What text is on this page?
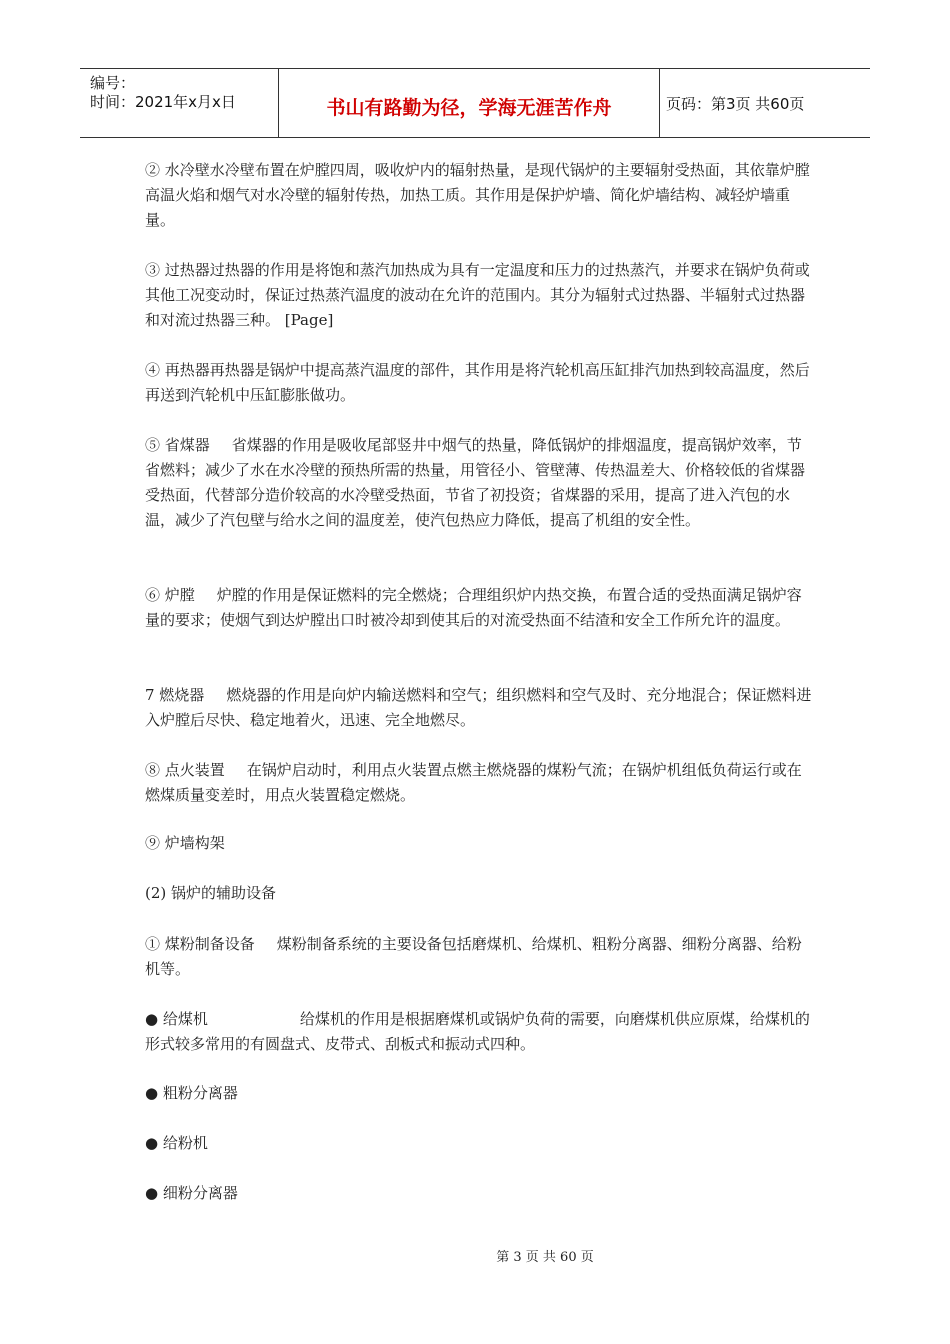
编号：
时间：2021年x月x日	书山有路勤为径，学海无涯苦作舟	页码：第3页 共60页

② 水冷壁水冷壁布置在炉膛四周，吸收炉内的辐射热量，是现代锅炉的主要辐射受热面，其依靠炉膛高温火焰和烟气对水冷壁的辐射传热，加热工质。其作用是保护炉墙、简化炉墙结构、减轻炉墙重量。

③ 过热器过热器的作用是将饱和蒸汽加热成为具有一定温度和压力的过热蒸汽，并要求在锅炉负荷或其他工况变动时，保证过热蒸汽温度的波动在允许的范围内。其分为辐射式过热器、半辐射式过热器和对流过热器三种。 [Page]

④ 再热器再热器是锅炉中提高蒸汽温度的部件，其作用是将汽轮机高压缸排汽加热到较高温度，然后再送到汽轮机中压缸膨胀做功。

⑤ 省煤器 省煤器的作用是吸收尾部竖井中烟气的热量，降低锅炉的排烟温度，提高锅炉效率，节省燃料；减少了水在水冷壁的预热所需的热量，用管径小、管壁薄、传热温差大、价格较低的省煤器受热面，代替部分造价较高的水冷壁受热面，节省了初投资；省煤器的采用，提高了进入汽包的水温，减少了汽包壁与给水之间的温度差，使汽包热应力降低，提高了机组的安全性。

⑥ 炉膛 炉膛的作用是保证燃料的完全燃烧；合理组织炉内热交换，布置合适的受热面满足锅炉容量的要求；使烟气到达炉膛出口时被冷却到使其后的对流受热面不结渣和安全工作所允许的温度。

7 燃烧器 燃烧器的作用是向炉内输送燃料和空气；组织燃料和空气及时、充分地混合；保证燃料进入炉膛后尽快、稳定地着火，迅速、完全地燃尽。

⑧ 点火装置 在锅炉启动时，利用点火装置点燃主燃烧器的煤粉气流；在锅炉机组低负荷运行或在燃煤质量变差时，用点火装置稳定燃烧。

⑨ 炉墙构架

(2) 锅炉的辅助设备

① 煤粉制备设备 煤粉制备系统的主要设备包括磨煤机、给煤机、粗粉分离器、细粉分离器、给粉机等。

● 给煤机	给煤机的作用是根据磨煤机或锅炉负荷的需要，向磨煤机供应原煤，给煤机的形式较多常用的有圆盘式、皮带式、刮板式和振动式四种。

● 粗粉分离器

● 给粉机

● 细粉分离器

第 3 页 共 60 页
